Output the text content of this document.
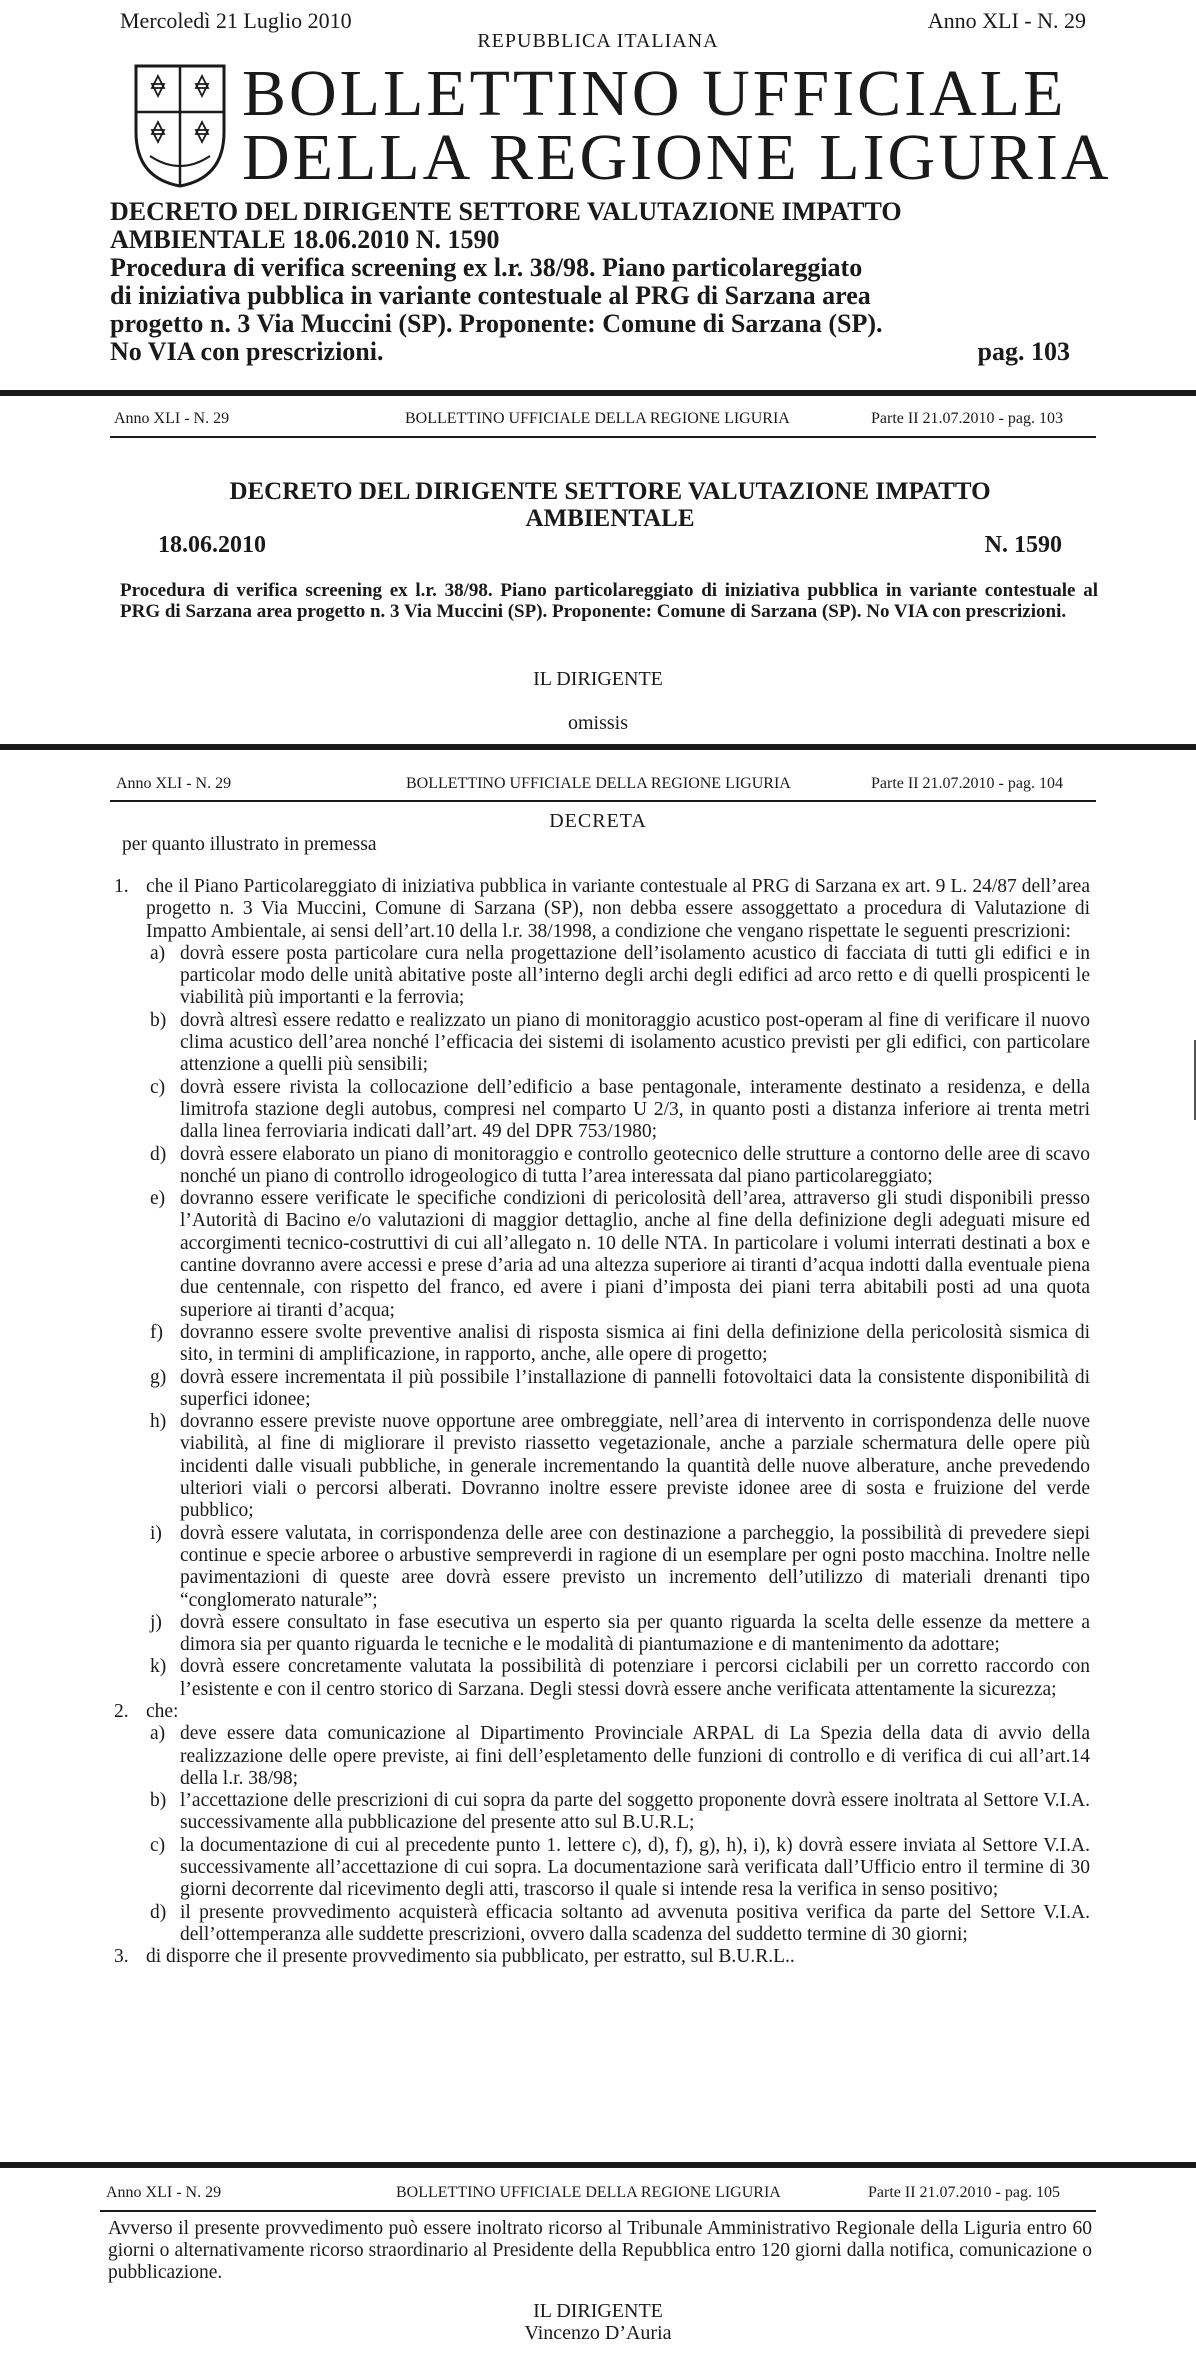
Mercoledì 21 Luglio 2010	Anno XLI - N. 29
REPUBBLICA ITALIANA
BOLLETTINO UFFICIALE
DELLA REGIONE LIGURIA
DECRETO DEL DIRIGENTE SETTORE VALUTAZIONE IMPATTO
AMBIENTALE 18.06.2010 N. 1590
Procedura di verifica screening ex l.r. 38/98. Piano particolareggiato
di iniziativa pubblica in variante contestuale al PRG di Sarzana area
progetto n. 3 Via Muccini (SP). Proponente: Comune di Sarzana (SP).
No VIA con prescrizioni.	pag. 103
Anno XLI - N. 29	BOLLETTINO UFFICIALE DELLA REGIONE LIGURIA	Parte II 21.07.2010 - pag. 103
DECRETO DEL DIRIGENTE SETTORE VALUTAZIONE IMPATTO
AMBIENTALE
18.06.2010	N. 1590
Procedura di verifica screening ex l.r. 38/98. Piano particolareggiato di iniziativa pubblica in variante contestuale al PRG di Sarzana area progetto n. 3 Via Muccini (SP). Proponente: Comune di Sarzana (SP). No VIA con prescrizioni.
IL DIRIGENTE
omissis
Anno XLI - N. 29	BOLLETTINO UFFICIALE DELLA REGIONE LIGURIA	Parte II 21.07.2010 - pag. 104
DECRETA
per quanto illustrato in premessa
1. che il Piano Particolareggiato di iniziativa pubblica in variante contestuale al PRG di Sarzana ex art. 9 L. 24/87 dell’area progetto n. 3 Via Muccini, Comune di Sarzana (SP), non debba essere assoggettato a procedura di Valutazione di Impatto Ambientale, ai sensi dell’art.10 della l.r. 38/1998, a condizione che vengano rispettate le seguenti prescrizioni:
a) dovrà essere posta particolare cura nella progettazione dell’isolamento acustico di facciata di tutti gli edifici e in particolar modo delle unità abitative poste all’interno degli archi degli edifici ad arco retto e di quelli prospicenti le viabilità più importanti e la ferrovia;
b) dovrà altresì essere redatto e realizzato un piano di monitoraggio acustico post-operam al fine di verificare il nuovo clima acustico dell’area nonché l’efficacia dei sistemi di isolamento acustico previsti per gli edifici, con particolare attenzione a quelli più sensibili;
c) dovrà essere rivista la collocazione dell’edificio a base pentagonale, interamente destinato a residenza, e della limitrofa stazione degli autobus, compresi nel comparto U 2/3, in quanto posti a distanza inferiore ai trenta metri dalla linea ferroviaria indicati dall’art. 49 del DPR 753/1980;
d) dovrà essere elaborato un piano di monitoraggio e controllo geotecnico delle strutture a contorno delle aree di scavo nonché un piano di controllo idrogeologico di tutta l’area interessata dal piano particolareggiato;
e) dovranno essere verificate le specifiche condizioni di pericolosità dell’area, attraverso gli studi disponibili presso l’Autorità di Bacino e/o valutazioni di maggior dettaglio, anche al fine della definizione degli adeguati misure ed accorgimenti tecnico-costruttivi di cui all’allegato n. 10 delle NTA. In particolare i volumi interrati destinati a box e cantine dovranno avere accessi e prese d’aria ad una altezza superiore ai tiranti d’acqua indotti dalla eventuale piena due centennale, con rispetto del franco, ed avere i piani d’imposta dei piani terra abitabili posti ad una quota superiore ai tiranti d’acqua;
f) dovranno essere svolte preventive analisi di risposta sismica ai fini della definizione della pericolosità sismica di sito, in termini di amplificazione, in rapporto, anche, alle opere di progetto;
g) dovrà essere incrementata il più possibile l’installazione di pannelli fotovoltaici data la consistente disponibilità di superfici idonee;
h) dovranno essere previste nuove opportune aree ombreggiate, nell’area di intervento in corrispondenza delle nuove viabilità, al fine di migliorare il previsto riassetto vegetazionale, anche a parziale schermatura delle opere più incidenti dalle visuali pubbliche, in generale incrementando la quantità delle nuove alberature, anche prevedendo ulteriori viali o percorsi alberati. Dovranno inoltre essere previste idonee aree di sosta e fruizione del verde pubblico;
i) dovrà essere valutata, in corrispondenza delle aree con destinazione a parcheggio, la possibilità di prevedere siepi continue e specie arboree o arbustive sempreverdi in ragione di un esemplare per ogni posto macchina. Inoltre nelle pavimentazioni di queste aree dovrà essere previsto un incremento dell’utilizzo di materiali drenanti tipo “conglomerato naturale”;
j) dovrà essere consultato in fase esecutiva un esperto sia per quanto riguarda la scelta delle essenze da mettere a dimora sia per quanto riguarda le tecniche e le modalità di piantumazione e di mantenimento da adottare;
k) dovrà essere concretamente valutata la possibilità di potenziare i percorsi ciclabili per un corretto raccordo con l’esistente e con il centro storico di Sarzana. Degli stessi dovrà essere anche verificata attentamente la sicurezza;
2. che:
a) deve essere data comunicazione al Dipartimento Provinciale ARPAL di La Spezia della data di avvio della realizzazione delle opere previste, ai fini dell’espletamento delle funzioni di controllo e di verifica di cui all’art.14 della l.r. 38/98;
b) l’accettazione delle prescrizioni di cui sopra da parte del soggetto proponente dovrà essere inoltrata al Settore V.I.A. successivamente alla pubblicazione del presente atto sul B.U.R.L;
c) la documentazione di cui al precedente punto 1. lettere c), d), f), g), h), i), k) dovrà essere inviata al Settore V.I.A. successivamente all’accettazione di cui sopra. La documentazione sarà verificata dall’Ufficio entro il termine di 30 giorni decorrente dal ricevimento degli atti, trascorso il quale si intende resa la verifica in senso positivo;
d) il presente provvedimento acquisterà efficacia soltanto ad avvenuta positiva verifica da parte del Settore V.I.A. dell’ottemperanza alle suddette prescrizioni, ovvero dalla scadenza del suddetto termine di 30 giorni;
3. di disporre che il presente provvedimento sia pubblicato, per estratto, sul B.U.R.L..
Anno XLI - N. 29	BOLLETTINO UFFICIALE DELLA REGIONE LIGURIA	Parte II 21.07.2010 - pag. 105
Avverso il presente provvedimento può essere inoltrato ricorso al Tribunale Amministrativo Regionale della Liguria entro 60 giorni o alternativamente ricorso straordinario al Presidente della Repubblica entro 120 giorni dalla notifica, comunicazione o pubblicazione.
IL DIRIGENTE
Vincenzo D’Auria
